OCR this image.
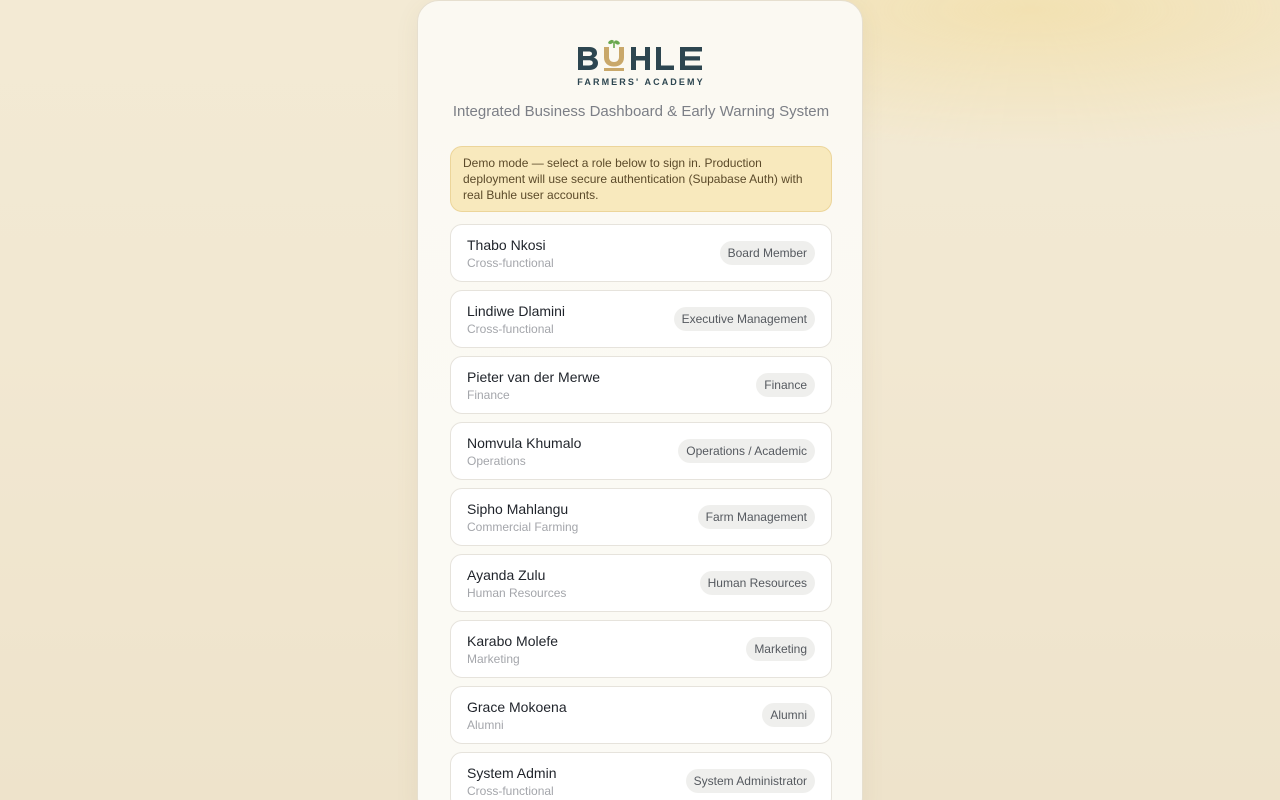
FARMERS' ACADEMY
Integrated Business Dashboard & Early Warning System
Demo mode — select a role below to sign in. Production deployment will use secure authentication (Supabase Auth) with real Buhle user accounts.
Thabo Nkosi
Cross-functional
Board Member
Lindiwe Dlamini
Cross-functional
Executive Management
Pieter van der Merwe
Finance
Finance
Nomvula Khumalo
Operations
Operations / Academic
Sipho Mahlangu
Commercial Farming
Farm Management
Ayanda Zulu
Human Resources
Human Resources
Karabo Molefe
Marketing
Marketing
Grace Mokoena
Alumni
Alumni
System Admin
Cross-functional
System Administrator
